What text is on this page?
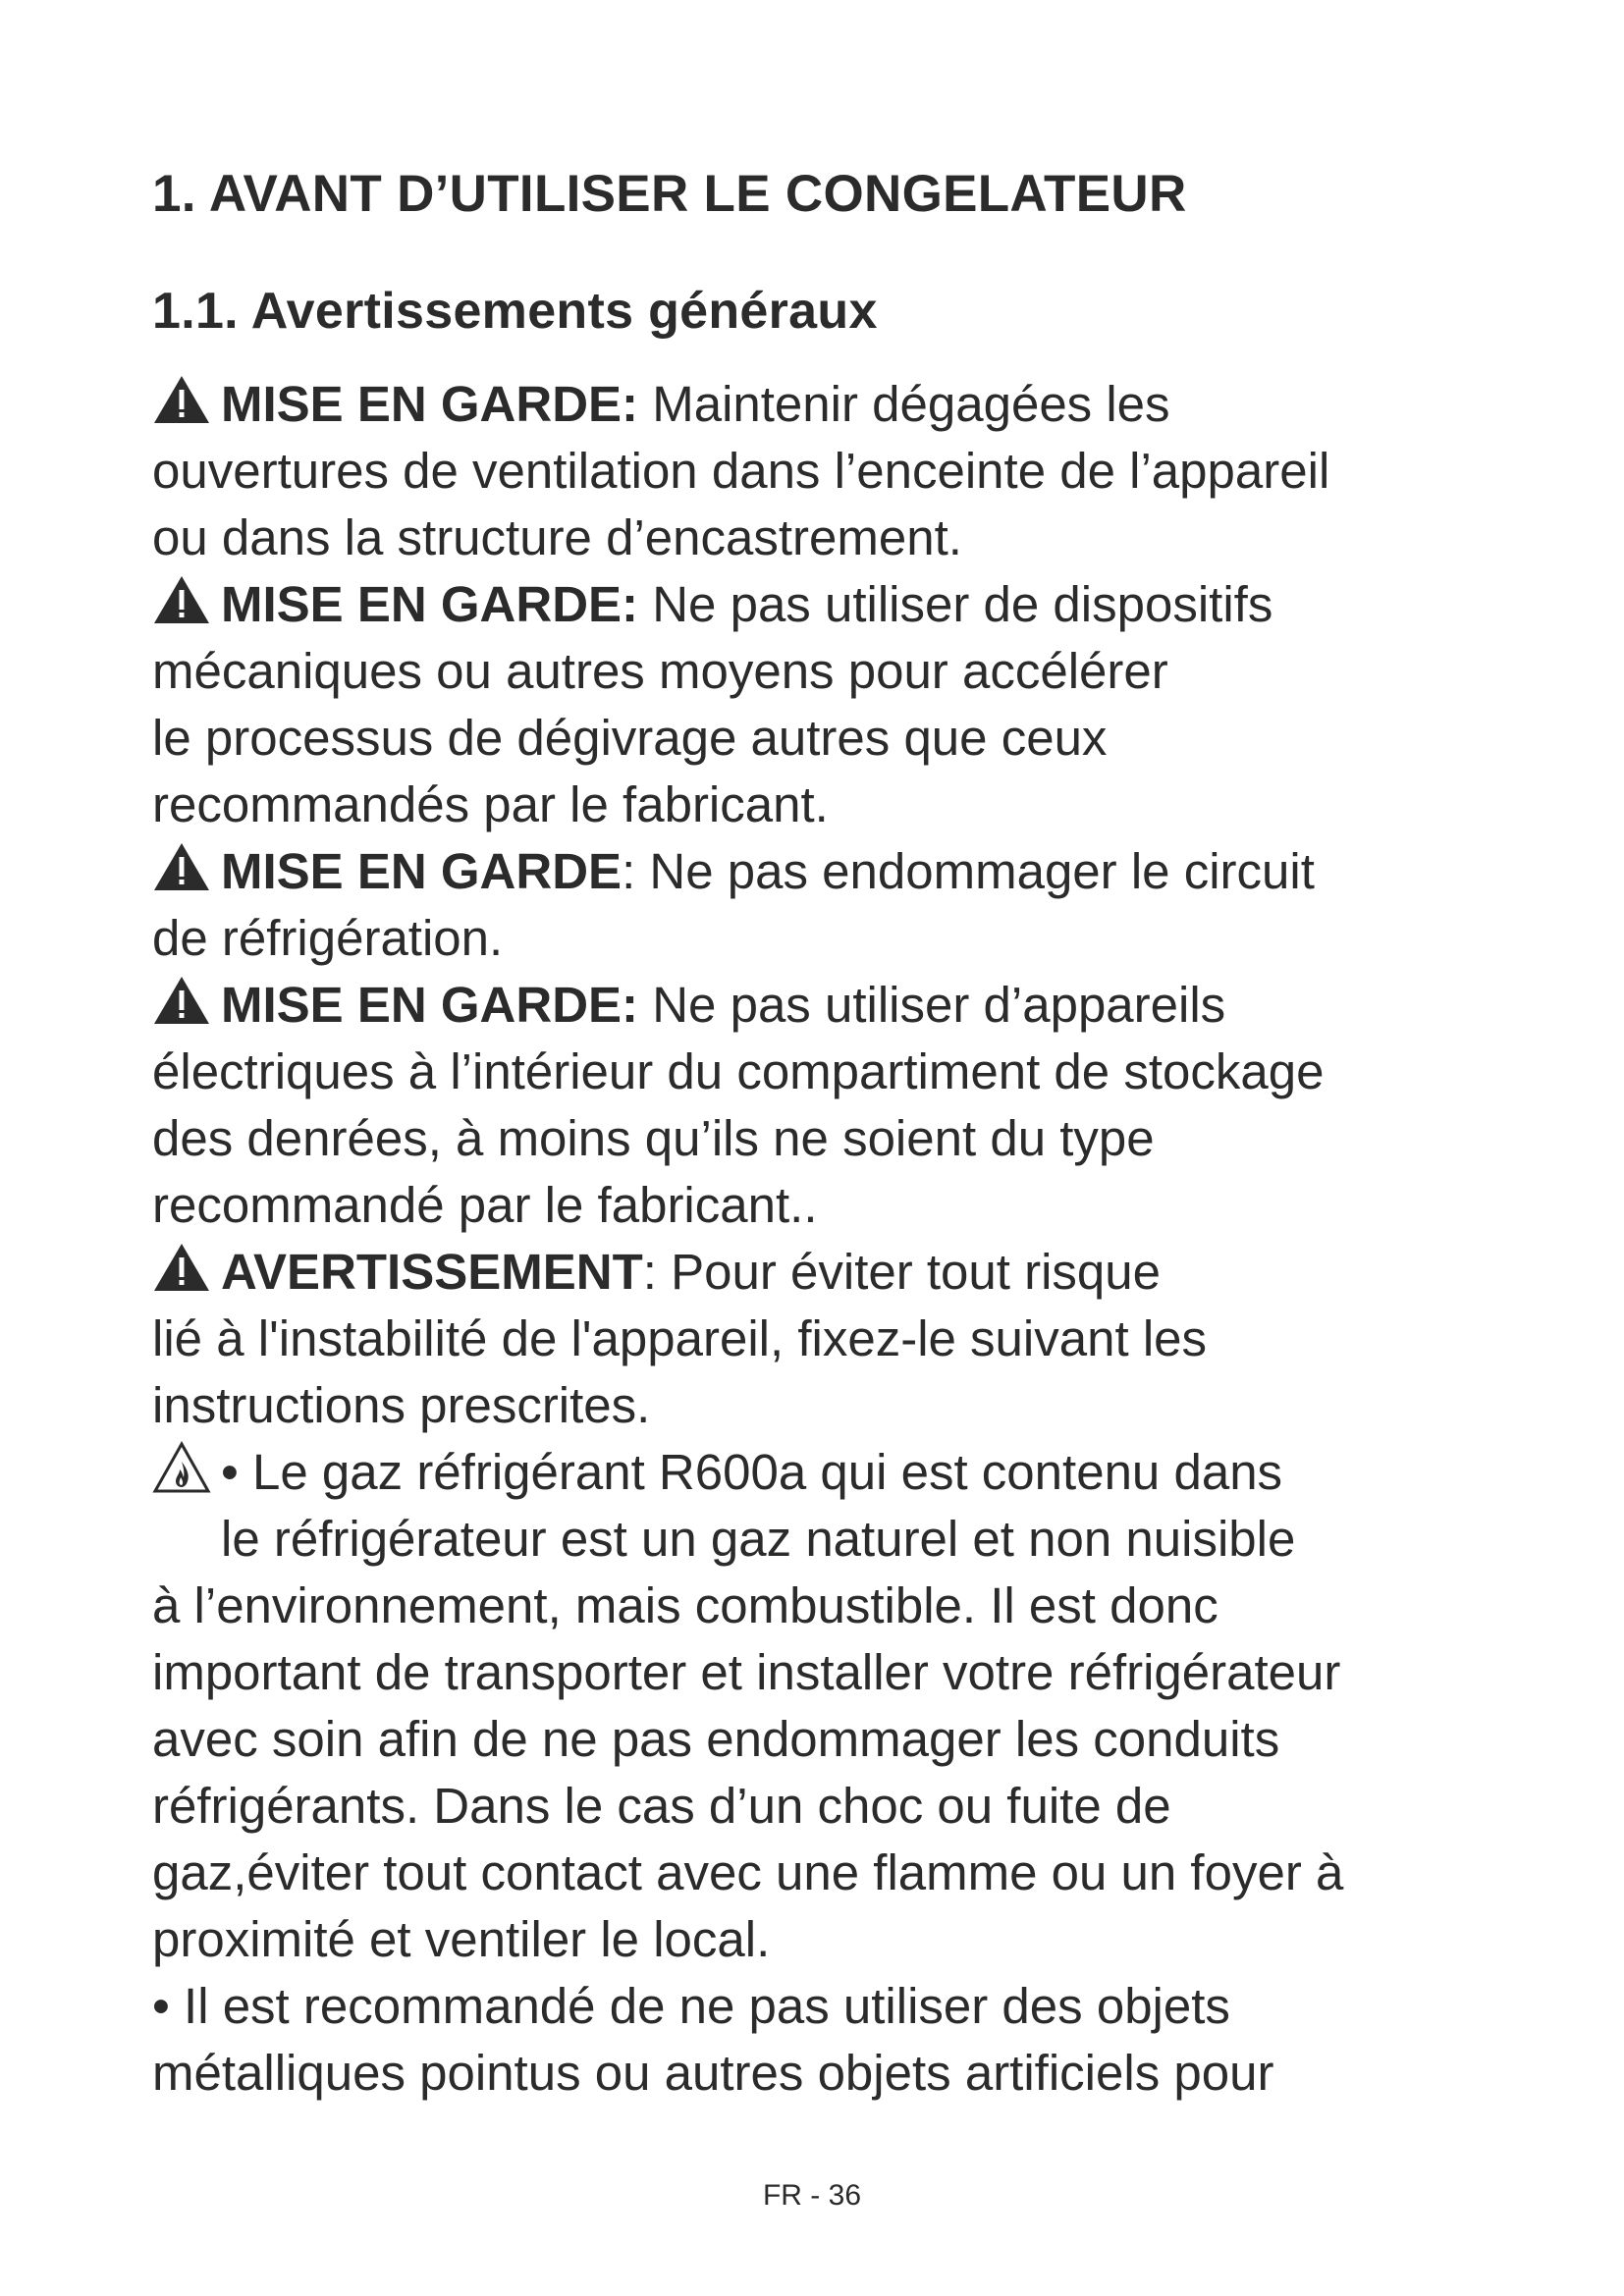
1. AVANT D’UTILISER LE CONGELATEUR
1.1. Avertissements généraux
MISE EN GARDE: Maintenir dégagées les
ouvertures de ventilation dans l’enceinte de l’appareil
ou dans la structure d’encastrement.
MISE EN GARDE: Ne pas utiliser de dispositifs
mécaniques ou autres moyens pour accélérer
le processus de dégivrage autres que ceux
recommandés par le fabricant.
MISE EN GARDE: Ne pas endommager le circuit
de réfrigération.
MISE EN GARDE: Ne pas utiliser d’appareils
électriques à l’intérieur du compartiment de stockage
des denrées, à moins qu’ils ne soient du type
recommandé par le fabricant..
AVERTISSEMENT: Pour éviter tout risque
lié à l'instabilité de l'appareil, fixez-le suivant les
instructions prescrites.
• Le gaz réfrigérant R600a qui est contenu dans
le réfrigérateur est un gaz naturel et non nuisible
à l’environnement, mais combustible. Il est donc
important de transporter et installer votre réfrigérateur
avec soin afin de ne pas endommager les conduits
réfrigérants. Dans le cas d’un choc ou fuite de
gaz,éviter tout contact avec une flamme ou un foyer à
proximité et ventiler le local.
• Il est recommandé de ne pas utiliser des objets
métalliques pointus ou autres objets artificiels pour
FR - 36
